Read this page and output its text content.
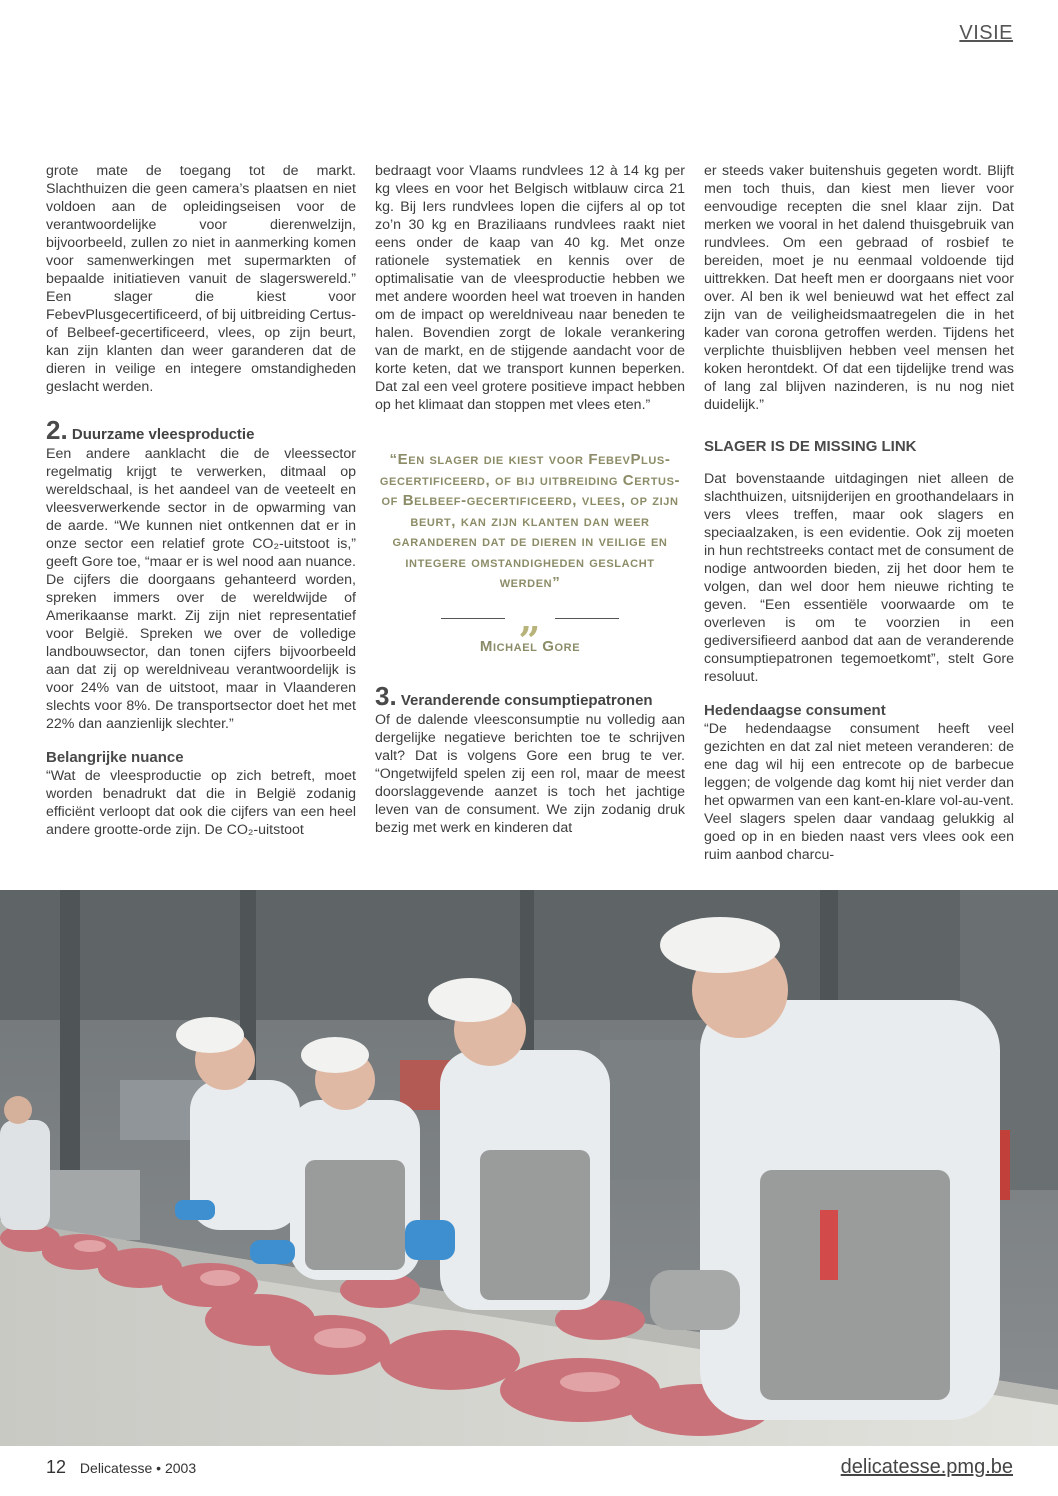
VISIE

grote mate de toegang tot de markt. Slachthuizen die geen camera’s plaatsen en niet voldoen aan de opleidingseisen voor de verantwoordelijke voor dierenwelzijn, bijvoorbeeld, zullen zo niet in aanmerking komen voor samenwerkingen met supermarkten of bepaalde initiatieven vanuit de slagerswereld.” Een slager die kiest voor FebevPlusgecertificeerd, of bij uitbreiding Certus- of Belbeef-gecertificeerd, vlees, op zijn beurt, kan zijn klanten dan weer garanderen dat de dieren in veilige en integere omstandigheden geslacht werden.

2. Duurzame vleesproductie

Een andere aanklacht die de vleessector regelmatig krijgt te verwerken, ditmaal op wereldschaal, is het aandeel van de veeteelt en vleesverwerkende sector in de opwarming van de aarde. “We kunnen niet ontkennen dat er in onze sector een relatief grote CO₂-uitstoot is,” geeft Gore toe, “maar er is wel nood aan nuance. De cijfers die doorgaans gehanteerd worden, spreken immers over de wereldwijde of Amerikaanse markt. Zij zijn niet representatief voor België. Spreken we over de volledige landbouwsector, dan tonen cijfers bijvoorbeeld aan dat zij op wereldniveau verantwoordelijk is voor 24% van de uitstoot, maar in Vlaanderen slechts voor 8%. De transportsector doet het met 22% dan aanzienlijk slechter.”

Belangrijke nuance

“Wat de vleesproductie op zich betreft, moet worden benadrukt dat die in België zodanig efficiënt verloopt dat ook die cijfers van een heel andere grootte-orde zijn. De CO₂-uitstoot

bedraagt voor Vlaams rundvlees 12 à 14 kg per kg vlees en voor het Belgisch witblauw circa 21 kg. Bij Iers rundvlees lopen die cijfers al op tot zo’n 30 kg en Braziliaans rundvlees raakt niet eens onder de kaap van 40 kg. Met onze rationele systematiek en kennis over de optimalisatie van de vleesproductie hebben we met andere woorden heel wat troeven in handen om de impact op wereldniveau naar beneden te halen. Bovendien zorgt de lokale verankering van de markt, en de stijgende aandacht voor de korte keten, dat we transport kunnen beperken. Dat zal een veel grotere positieve impact hebben op het klimaat dan stoppen met vlees eten.”

“Een slager die kiest voor FebevPlus-gecertificeerd, of bij uitbreiding Certus- of Belbeef-gecertificeerd, vlees, op zijn beurt, kan zijn klanten dan weer garanderen dat de dieren in veilige en integere omstandigheden geslacht werden”
„
Michael Gore
3. Veranderende consumptiepatronen

Of de dalende vleesconsumptie nu volledig aan dergelijke negatieve berichten toe te schrijven valt? Dat is volgens Gore een brug te ver. “Ongetwijfeld spelen zij een rol, maar de meest doorslaggevende aanzet is toch het jachtige leven van de consument. We zijn zodanig druk bezig met werk en kinderen dat

er steeds vaker buitenshuis gegeten wordt. Blijft men toch thuis, dan kiest men liever voor eenvoudige recepten die snel klaar zijn. Dat merken we vooral in het dalend thuisgebruik van rundvlees. Om een gebraad of rosbief te bereiden, moet je nu eenmaal voldoende tijd uittrekken. Dat heeft men er doorgaans niet voor over. Al ben ik wel benieuwd wat het effect zal zijn van de veiligheidsmaatregelen die in het kader van corona getroffen werden. Tijdens het verplichte thuisblijven hebben veel mensen het koken herontdekt. Of dat een tijdelijke trend was of lang zal blijven nazinderen, is nu nog niet duidelijk.”

SLAGER IS DE MISSING LINK

Dat bovenstaande uitdagingen niet alleen de slachthuizen, uitsnijderijen en groothandelaars in vers vlees treffen, maar ook slagers en speciaalzaken, is een evidentie. Ook zij moeten in hun rechtstreeks contact met de consument de nodige antwoorden bieden, zij het door hem te volgen, dan wel door hem nieuwe richting te geven. “Een essentiële voorwaarde om te overleven is om te voorzien in een gediversifieerd aanbod dat aan de veranderende consumptiepatronen tegemoetkomt”, stelt Gore resoluut.

Hedendaagse consument

“De hedendaagse consument heeft veel gezichten en dat zal niet meteen veranderen: de ene dag wil hij een entrecote op de barbecue leggen; de volgende dag komt hij niet verder dan het opwarmen van een kant-en-klare vol-au-vent. Veel slagers spelen daar vandaag gelukkig al goed op in en bieden naast vers vlees ook een ruim aanbod charcu-

12 Delicatesse • 2003	delicatesse.pmg.be
